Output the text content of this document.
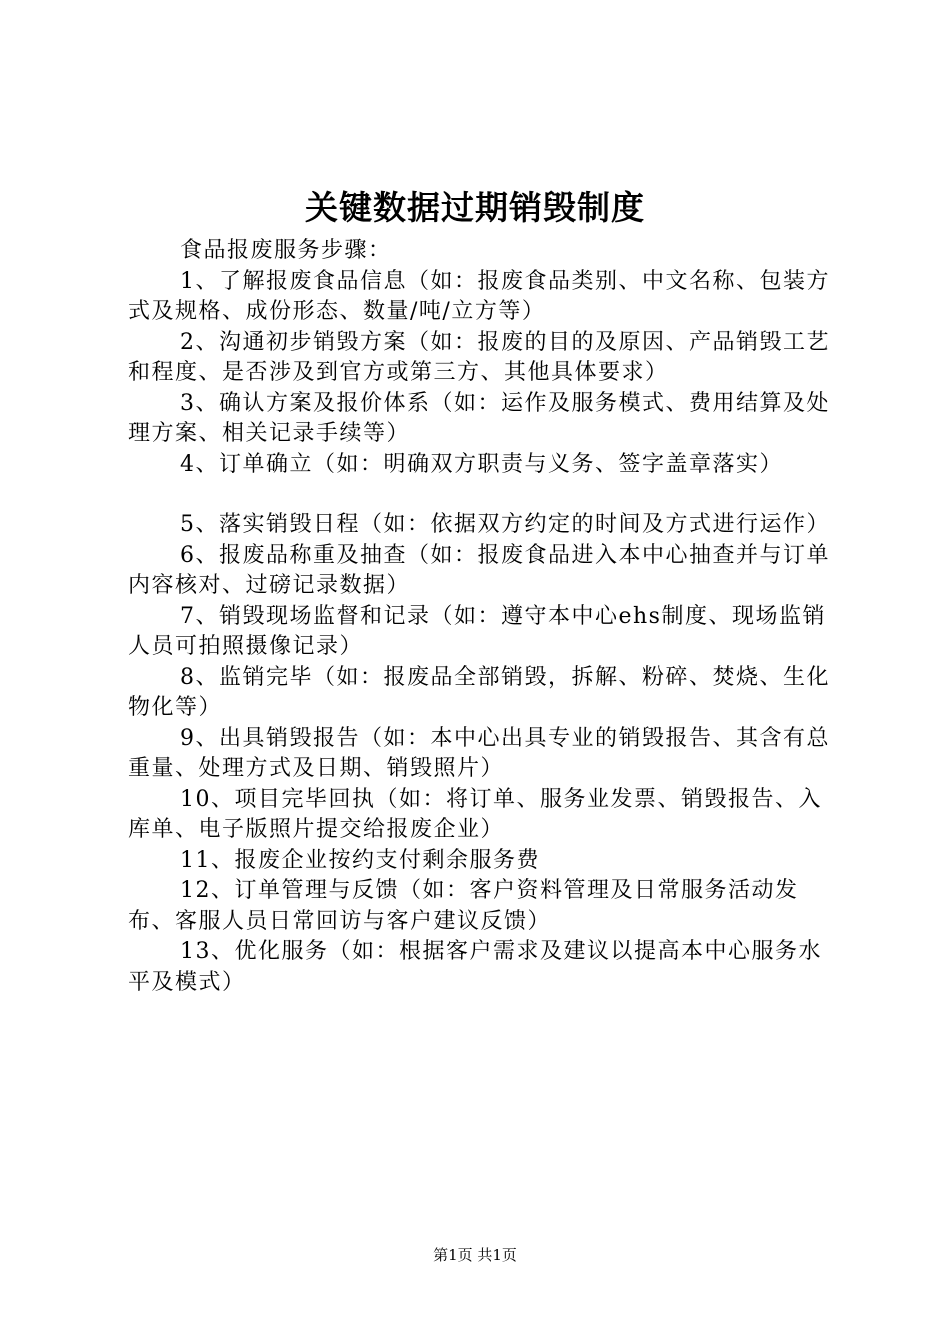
关键数据过期销毁制度

食品报废服务步骤：

1、了解报废食品信息（如：报废食品类别、中文名称、包装方式及规格、成份形态、数量/吨/立方等）

2、沟通初步销毁方案（如：报废的目的及原因、产品销毁工艺和程度、是否涉及到官方或第三方、其他具体要求）

3、确认方案及报价体系（如：运作及服务模式、费用结算及处理方案、相关记录手续等）

4、订单确立（如：明确双方职责与义务、签字盖章落实）

5、落实销毁日程（如：依据双方约定的时间及方式进行运作）

6、报废品称重及抽查（如：报废食品进入本中心抽查并与订单内容核对、过磅记录数据）

7、销毁现场监督和记录（如：遵守本中心ehs制度、现场监销人员可拍照摄像记录）

8、监销完毕（如：报废品全部销毁，拆解、粉碎、焚烧、生化物化等）

9、出具销毁报告（如：本中心出具专业的销毁报告、其含有总重量、处理方式及日期、销毁照片）

10、项目完毕回执（如：将订单、服务业发票、销毁报告、入库单、电子版照片提交给报废企业）

11、报废企业按约支付剩余服务费

12、订单管理与反馈（如：客户资料管理及日常服务活动发布、客服人员日常回访与客户建议反馈）

13、优化服务（如：根据客户需求及建议以提高本中心服务水平及模式）

第1页 共1页
